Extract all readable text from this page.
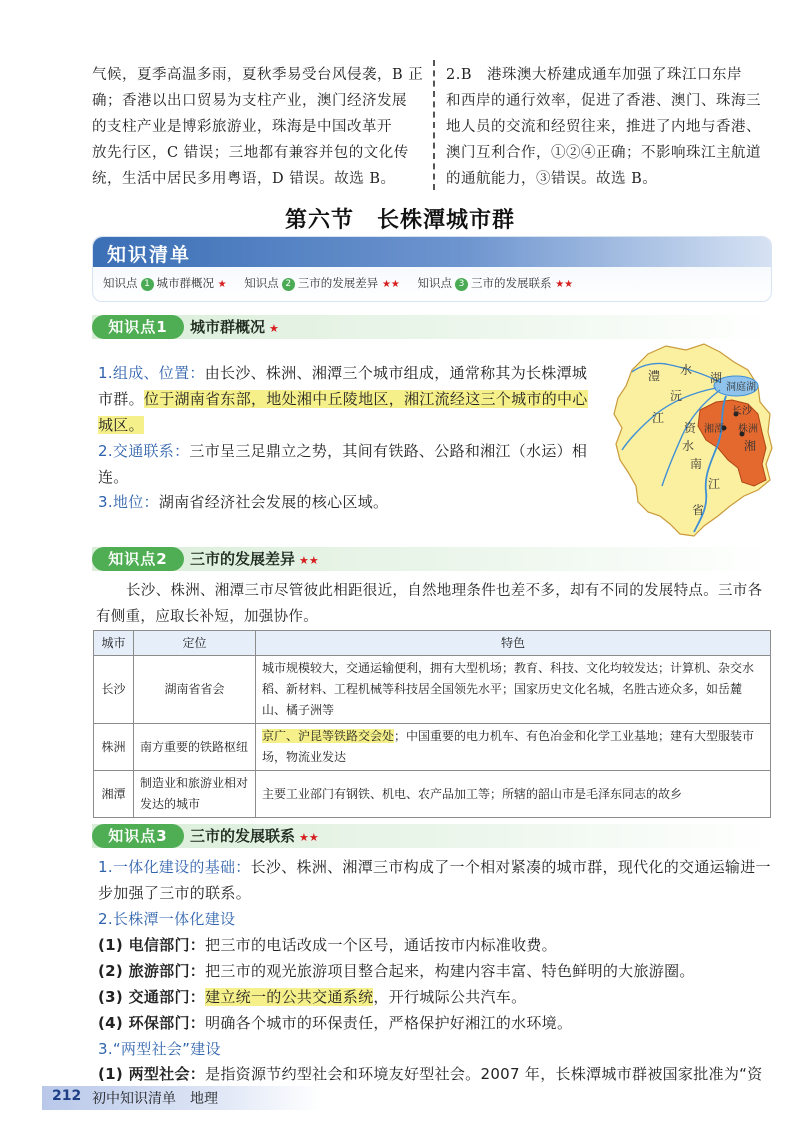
气候，夏季高温多雨，夏秋季易受台风侵袭，B 正
确；香港以出口贸易为支柱产业，澳门经济发展
的支柱产业是博彩旅游业，珠海是中国改革开
放先行区，C 错误；三地都有兼容并包的文化传
统，生活中居民多用粤语，D 错误。故选 B。
2.B　港珠澳大桥建成通车加强了珠江口东岸
和西岸的通行效率，促进了香港、澳门、珠海三
地人员的交流和经贸往来，推进了内地与香港、
澳门互利合作，①②④正确；不影响珠江主航道
的通航能力，③错误。故选 B。
第六节　长株潭城市群
知识清单
知识点 1 城市群概况 ★ 知识点 2 三市的发展差异 ★★ 知识点 3 三市的发展联系 ★★
知识点1	城市群概况 ★
1.组成、位置：由长沙、株洲、湘潭三个城市组成，通常称其为长株潭城市群。位于湖南省东部，地处湘中丘陵地区，湘江流经这三个城市的中心城区。
2.交通联系：三市呈三足鼎立之势，其间有铁路、公路和湘江（水运）相连。
3.地位：湖南省经济社会发展的核心区域。
澧 水
湖
洞庭湖
沅
江	长沙
湘潭 株洲
资
水	湘
南
江
省
知识点2	三市的发展差异 ★★
长沙、株洲、湘潭三市尽管彼此相距很近，自然地理条件也差不多，却有不同的发展特点。三市各有侧重，应取长补短，加强协作。
城市	定位	特色
长沙	湖南省省会	城市规模较大，交通运输便利，拥有大型机场；教育、科技、文化均较发达；计算机、杂交水稻、新材料、工程机械等科技居全国领先水平；国家历史文化名城，名胜古迹众多，如岳麓山、橘子洲等
株洲	南方重要的铁路枢纽	京广、沪昆等铁路交会处；中国重要的电力机车、有色冶金和化学工业基地；建有大型服装市场，物流业发达
湘潭	制造业和旅游业相对发达的城市	主要工业部门有钢铁、机电、农产品加工等；所辖的韶山市是毛泽东同志的故乡
知识点3	三市的发展联系 ★★
1.一体化建设的基础：长沙、株洲、湘潭三市构成了一个相对紧凑的城市群，现代化的交通运输进一步加强了三市的联系。
2.长株潭一体化建设
(1) 电信部门：把三市的电话改成一个区号，通话按市内标准收费。
(2) 旅游部门：把三市的观光旅游项目整合起来，构建内容丰富、特色鲜明的大旅游圈。
(3) 交通部门：建立统一的公共交通系统，开行城际公共汽车。
(4) 环保部门：明确各个城市的环保责任，严格保护好湘江的水环境。
3.“两型社会”建设
(1) 两型社会：是指资源节约型社会和环境友好型社会。2007 年，长株潭城市群被国家批准为“资
212 初中知识清单　地理
